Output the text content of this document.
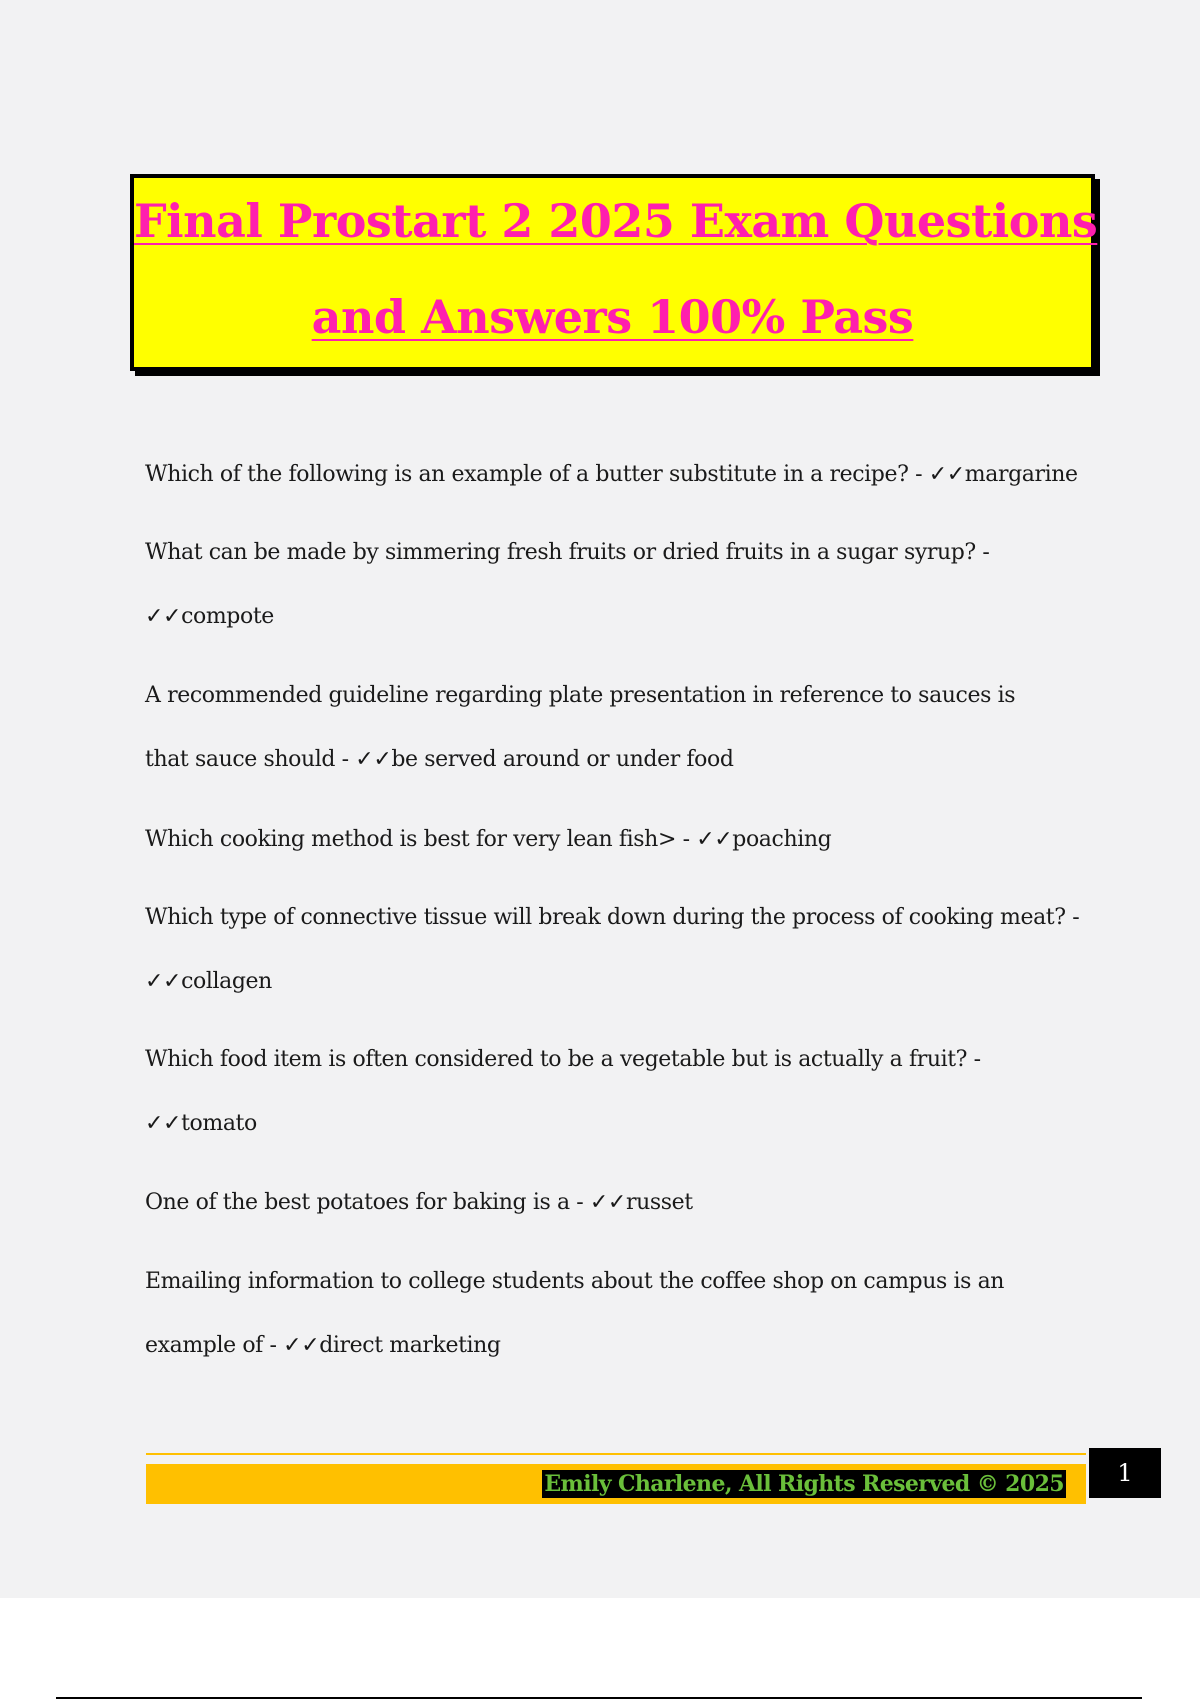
Final Prostart 2 2025 Exam Questions
and Answers 100% Pass
Which of the following is an example of a butter substitute in a recipe? - ✓✓margarine
What can be made by simmering fresh fruits or dried fruits in a sugar syrup? -
✓✓compote
A recommended guideline regarding plate presentation in reference to sauces is that sauce should - ✓✓be served around or under food
Which cooking method is best for very lean fish> - ✓✓poaching
Which type of connective tissue will break down during the process of cooking meat? -
✓✓collagen
Which food item is often considered to be a vegetable but is actually a fruit? -
✓✓tomato
One of the best potatoes for baking is a - ✓✓russet
Emailing information to college students about the coffee shop on campus is an example of - ✓✓direct marketing
Emily Charlene, All Rights Reserved © 2025	1
